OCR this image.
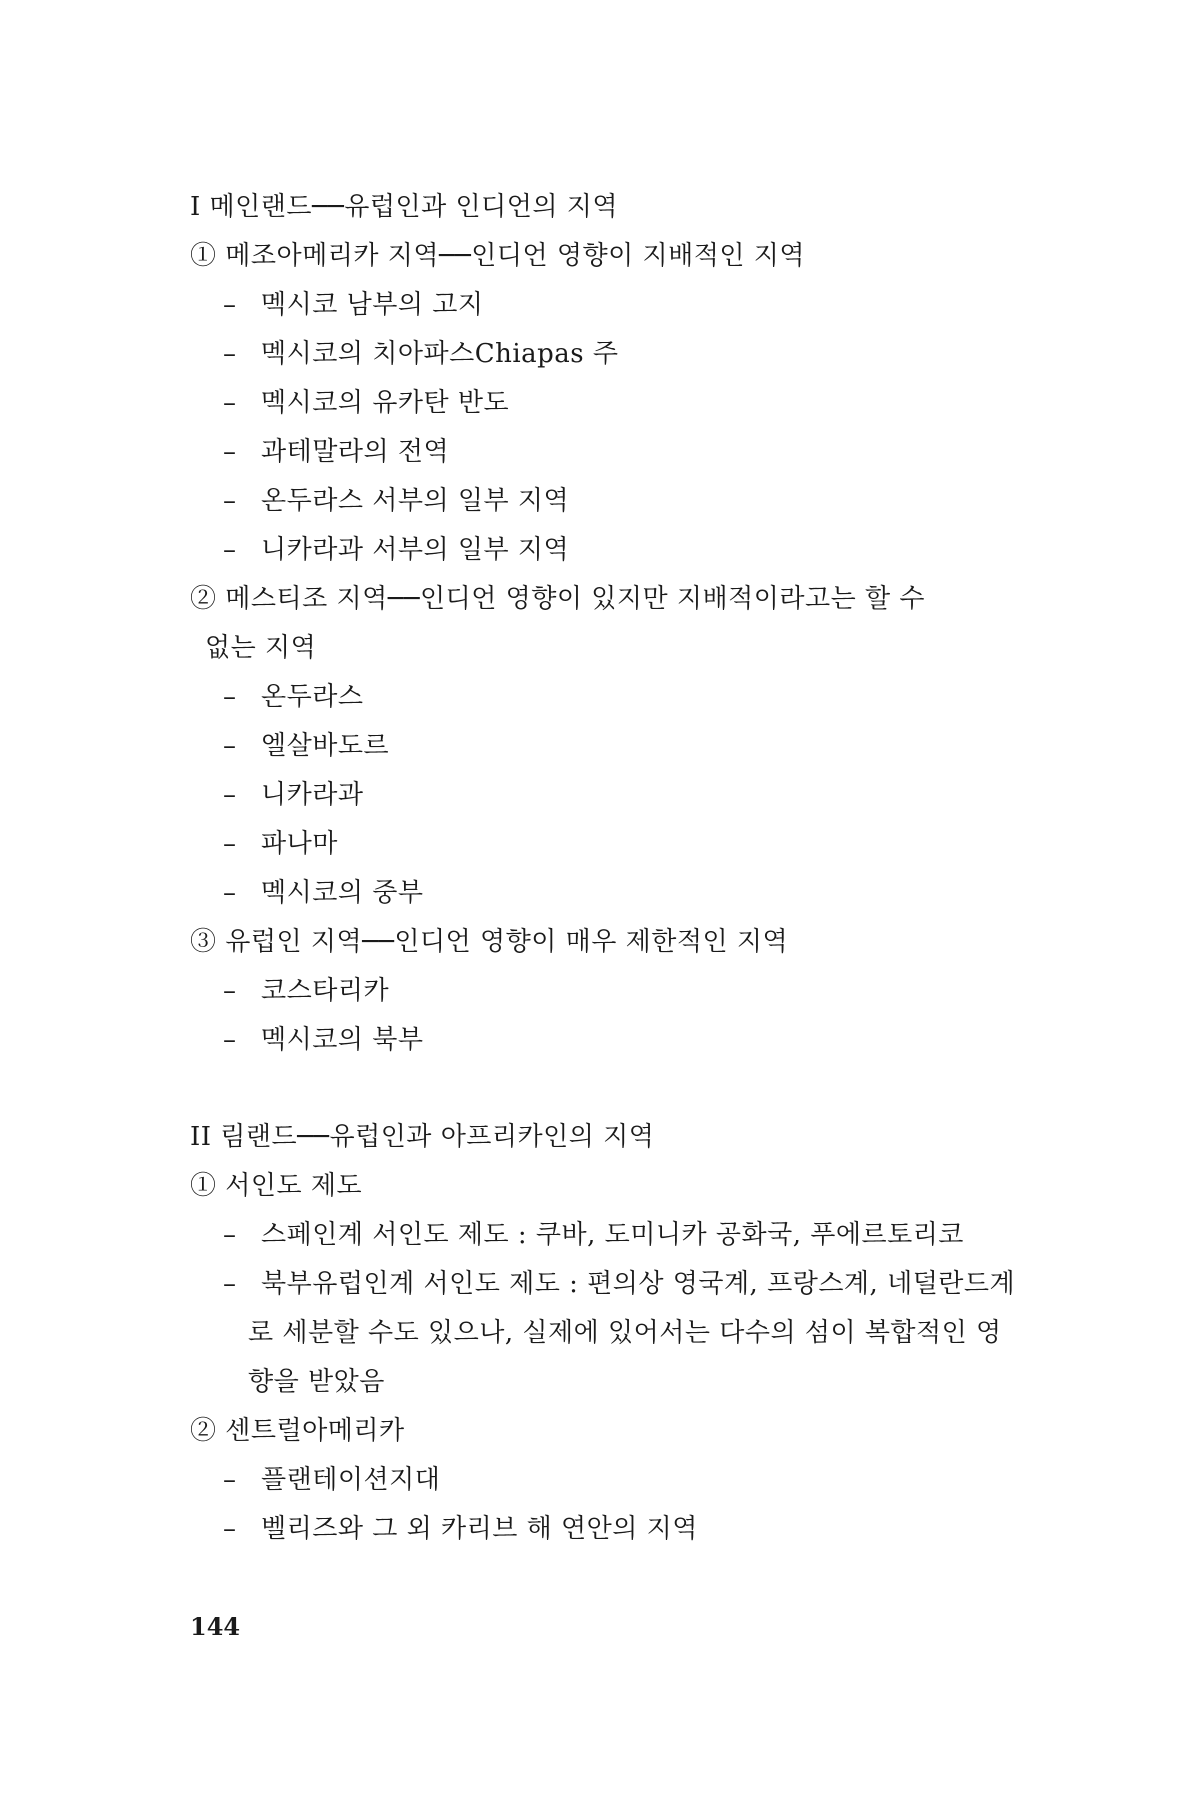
I 메인랜드──유럽인과 인디언의 지역
① 메조아메리카 지역──인디언 영향이 지배적인 지역
– 멕시코 남부의 고지
– 멕시코의 치아파스Chiapas 주
– 멕시코의 유카탄 반도
– 과테말라의 전역
– 온두라스 서부의 일부 지역
– 니카라과 서부의 일부 지역
② 메스티조 지역──인디언 영향이 있지만 지배적이라고는 할 수
없는 지역
– 온두라스
– 엘살바도르
– 니카라과
– 파나마
– 멕시코의 중부
③ 유럽인 지역──인디언 영향이 매우 제한적인 지역
– 코스타리카
– 멕시코의 북부
II 림랜드──유럽인과 아프리카인의 지역
① 서인도 제도
– 스페인계 서인도 제도 : 쿠바, 도미니카 공화국, 푸에르토리코
– 북부유럽인계 서인도 제도 : 편의상 영국계, 프랑스계, 네덜란드계
로 세분할 수도 있으나, 실제에 있어서는 다수의 섬이 복합적인 영
향을 받았음
② 센트럴아메리카
– 플랜테이션지대
– 벨리즈와 그 외 카리브 해 연안의 지역
144
